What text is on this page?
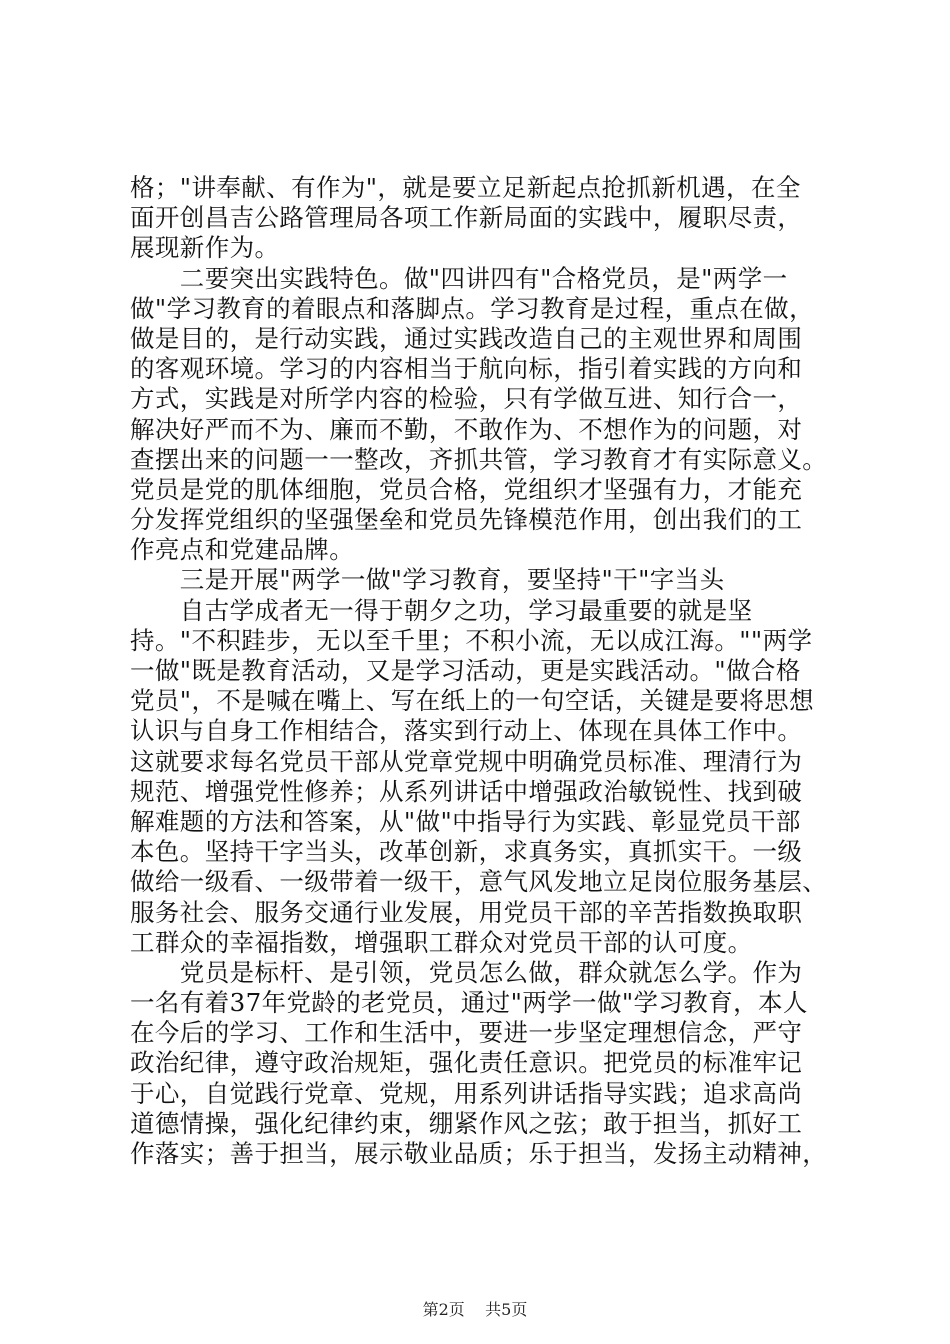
格；"讲奉献、有作为"，就是要立足新起点抢抓新机遇，在全
面开创昌吉公路管理局各项工作新局面的实践中，履职尽责，
展现新作为。
　　二要突出实践特色。做"四讲四有"合格党员，是"两学一
做"学习教育的着眼点和落脚点。学习教育是过程，重点在做，
做是目的，是行动实践，通过实践改造自己的主观世界和周围
的客观环境。学习的内容相当于航向标，指引着实践的方向和
方式，实践是对所学内容的检验，只有学做互进、知行合一，
解决好严而不为、廉而不勤，不敢作为、不想作为的问题，对
查摆出来的问题一一整改，齐抓共管，学习教育才有实际意义。
党员是党的肌体细胞，党员合格，党组织才坚强有力，才能充
分发挥党组织的坚强堡垒和党员先锋模范作用，创出我们的工
作亮点和党建品牌。
　　三是开展"两学一做"学习教育，要坚持"干"字当头
　　自古学成者无一得于朝夕之功，学习最重要的就是坚
持。"不积跬步，无以至千里；不积小流，无以成江海。""两学
一做"既是教育活动，又是学习活动，更是实践活动。"做合格
党员"，不是喊在嘴上、写在纸上的一句空话，关键是要将思想
认识与自身工作相结合，落实到行动上、体现在具体工作中。
这就要求每名党员干部从党章党规中明确党员标准、理清行为
规范、增强党性修养；从系列讲话中增强政治敏锐性、找到破
解难题的方法和答案，从"做"中指导行为实践、彰显党员干部
本色。坚持干字当头，改革创新，求真务实，真抓实干。一级
做给一级看、一级带着一级干，意气风发地立足岗位服务基层、
服务社会、服务交通行业发展，用党员干部的辛苦指数换取职
工群众的幸福指数，增强职工群众对党员干部的认可度。
　　党员是标杆、是引领，党员怎么做，群众就怎么学。作为
一名有着37年党龄的老党员，通过"两学一做"学习教育，本人
在今后的学习、工作和生活中，要进一步坚定理想信念，严守
政治纪律，遵守政治规矩，强化责任意识。把党员的标准牢记
于心，自觉践行党章、党规，用系列讲话指导实践；追求高尚
道德情操，强化纪律约束，绷紧作风之弦；敢于担当，抓好工
作落实；善于担当，展示敬业品质；乐于担当，发扬主动精神，
第2页 共5页
